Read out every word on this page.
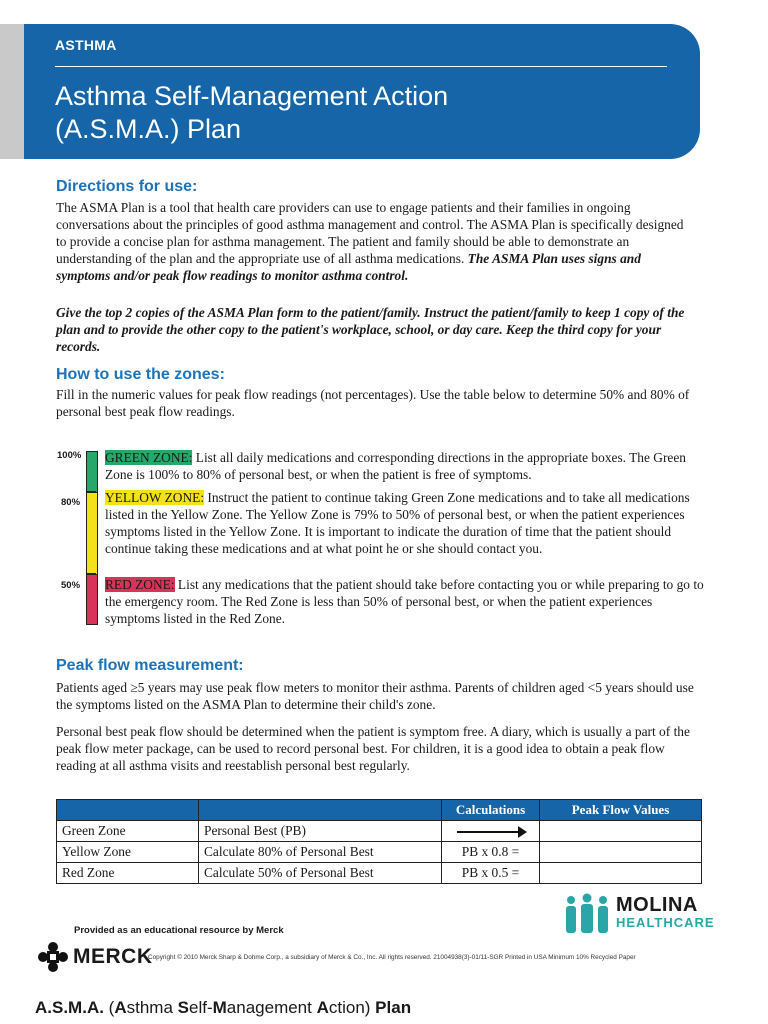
ASTHMA
Asthma Self-Management Action
(A.S.M.A.) Plan
Directions for use:
The ASMA Plan is a tool that health care providers can use to engage patients and their families in ongoing conversations about the principles of good asthma management and control. The ASMA Plan is specifically designed to provide a concise plan for asthma management. The patient and family should be able to demonstrate an understanding of the plan and the appropriate use of all asthma medications. The ASMA Plan uses signs and symptoms and/or peak flow readings to monitor asthma control.
Give the top 2 copies of the ASMA Plan form to the patient/family. Instruct the patient/family to keep 1 copy of the plan and to provide the other copy to the patient's workplace, school, or day care. Keep the third copy for your records.
How to use the zones:
Fill in the numeric values for peak flow readings (not percentages). Use the table below to determine 50% and 80% of personal best peak flow readings.
100%
80%
50%
GREEN ZONE: List all daily medications and corresponding directions in the appropriate boxes. The Green Zone is 100% to 80% of personal best, or when the patient is free of symptoms.
YELLOW ZONE: Instruct the patient to continue taking Green Zone medications and to take all medications listed in the Yellow Zone. The Yellow Zone is 79% to 50% of personal best, or when the patient experiences symptoms listed in the Yellow Zone. It is important to indicate the duration of time that the patient should continue taking these medications and at what point he or she should contact you.
RED ZONE: List any medications that the patient should take before contacting you or while preparing to go to the emergency room. The Red Zone is less than 50% of personal best, or when the patient experiences symptoms listed in the Red Zone.
Peak flow measurement:
Patients aged ≥5 years may use peak flow meters to monitor their asthma. Parents of children aged <5 years should use the symptoms listed on the ASMA Plan to determine their child's zone.
Personal best peak flow should be determined when the patient is symptom free. A diary, which is usually a part of the peak flow meter package, can be used to record personal best. For children, it is a good idea to obtain a peak flow reading at all asthma visits and reestablish personal best regularly.
		Calculations	Peak Flow Values
Green Zone	Personal Best (PB)		
Yellow Zone	Calculate 80% of Personal Best	PB x 0.8 =	
Red Zone	Calculate 50% of Personal Best	PB x 0.5 =	
MOLINA
HEALTHCARE
Provided as an educational resource by Merck
MERCK
Copyright © 2010 Merck Sharp & Dohme Corp., a subsidiary of Merck & Co., Inc. All rights reserved. 21004938(3)-01/11-SGR Printed in USA Minimum 10% Recycled Paper
A.S.M.A. (Asthma Self-Management Action) Plan
